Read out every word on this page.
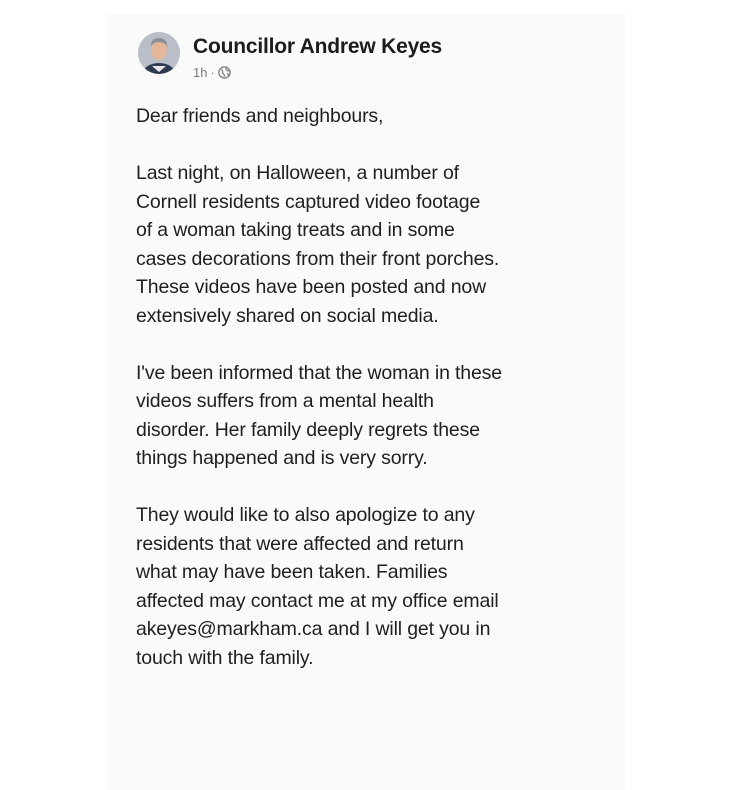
Councillor Andrew Keyes
1h ·

Dear friends and neighbours,

Last night, on Halloween, a number of
Cornell residents captured video footage
of a woman taking treats and in some
cases decorations from their front porches.
These videos have been posted and now
extensively shared on social media.

I've been informed that the woman in these
videos suffers from a mental health
disorder. Her family deeply regrets these
things happened and is very sorry.

They would like to also apologize to any
residents that were affected and return
what may have been taken. Families
affected may contact me at my office email
akeyes@markham.ca and I will get you in
touch with the family.
